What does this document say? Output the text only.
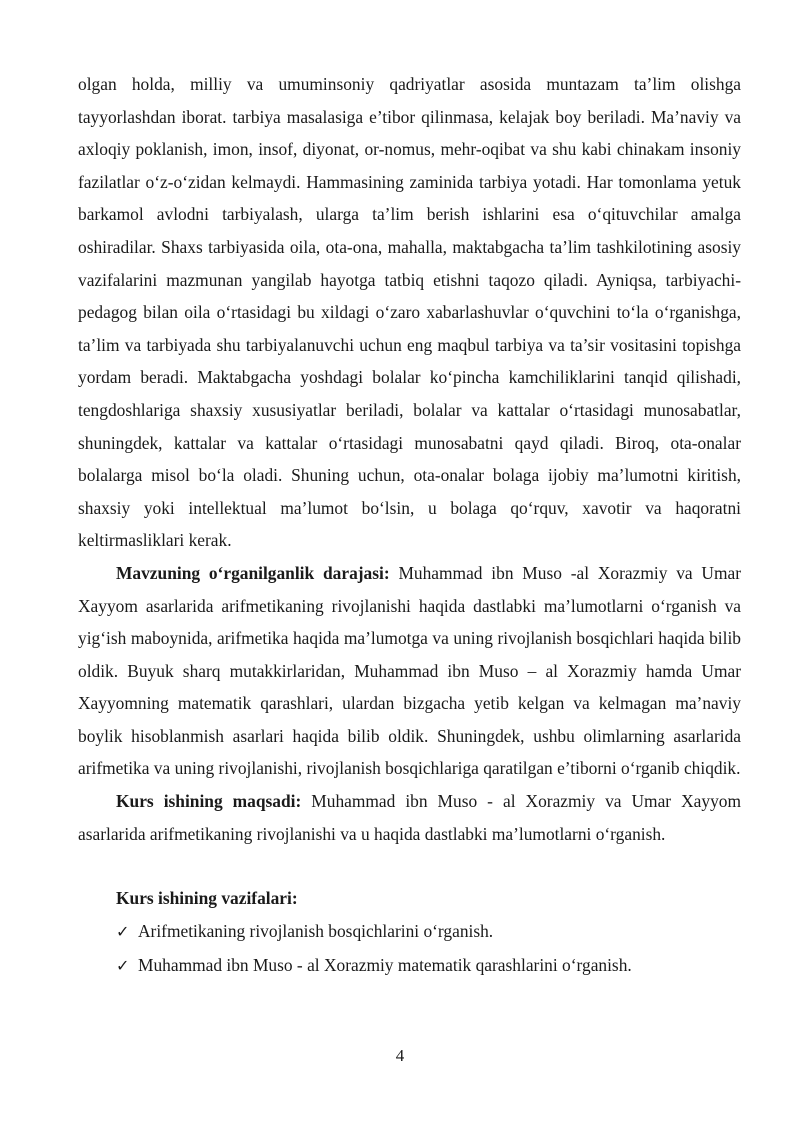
olgan holda, milliy va umuminsoniy qadriyatlar asosida muntazam ta’lim olishga tayyorlashdan iborat. tarbiya masalasiga e’tibor qilinmasa, kelajak boy beriladi. Ma’naviy va axloqiy poklanish, imon, insof, diyonat, or-nomus, mehr-oqibat va shu kabi chinakam insoniy fazilatlar o‘z-o‘zidan kelmaydi. Hammasining zaminida tarbiya yotadi. Har tomonlama yetuk barkamol avlodni tarbiyalash, ularga ta’lim berish ishlarini esa o‘qituvchilar amalga oshiradilar. Shaxs tarbiyasida oila, ota-ona, mahalla, maktabgacha ta’lim tashkilotining asosiy vazifalarini mazmunan yangilab hayotga tatbiq etishni taqozo qiladi. Ayniqsa, tarbiyachi-pedagog bilan oila o‘rtasidagi bu xildagi o‘zaro xabarlashuvlar o‘quvchini to‘la o‘rganishga, ta’lim va tarbiyada shu tarbiyalanuvchi uchun eng maqbul tarbiya va ta’sir vositasini topishga yordam beradi. Maktabgacha yoshdagi bolalar ko‘pincha kamchiliklarini tanqid qilishadi, tengdoshlariga shaxsiy xususiyatlar beriladi, bolalar va kattalar o‘rtasidagi munosabatlar, shuningdek, kattalar va kattalar o‘rtasidagi munosabatni qayd qiladi. Biroq, ota-onalar bolalarga misol bo‘la oladi. Shuning uchun, ota-onalar bolaga ijobiy ma’lumotni kiritish, shaxsiy yoki intellektual ma’lumot bo‘lsin, u bolaga qo‘rquv, xavotir va haqoratni keltirmasliklari kerak.

Mavzuning o‘rganilganlik darajasi: Muhammad ibn Muso -al Xorazmiy va Umar Xayyom asarlarida arifmetikaning rivojlanishi haqida dastlabki ma’lumotlarni o‘rganish va yig‘ish maboynida, arifmetika haqida ma’lumotga va uning rivojlanish bosqichlari haqida bilib oldik. Buyuk sharq mutakkirlaridan, Muhammad ibn Muso – al Xorazmiy hamda Umar Xayyomning matematik qarashlari, ulardan bizgacha yetib kelgan va kelmagan ma’naviy boylik hisoblanmish asarlari haqida bilib oldik. Shuningdek, ushbu olimlarning asarlarida arifmetika va uning rivojlanishi, rivojlanish bosqichlariga qaratilgan e’tiborni o‘rganib chiqdik.

Kurs ishining maqsadi: Muhammad ibn Muso - al Xorazmiy va Umar Xayyom asarlarida arifmetikaning rivojlanishi va u haqida dastlabki ma’lumotlarni o‘rganish.

Kurs ishining vazifalari:

✓ Arifmetikaning rivojlanish bosqichlarini o‘rganish.
✓ Muhammad ibn Muso - al Xorazmiy matematik qarashlarini o‘rganish.
4
